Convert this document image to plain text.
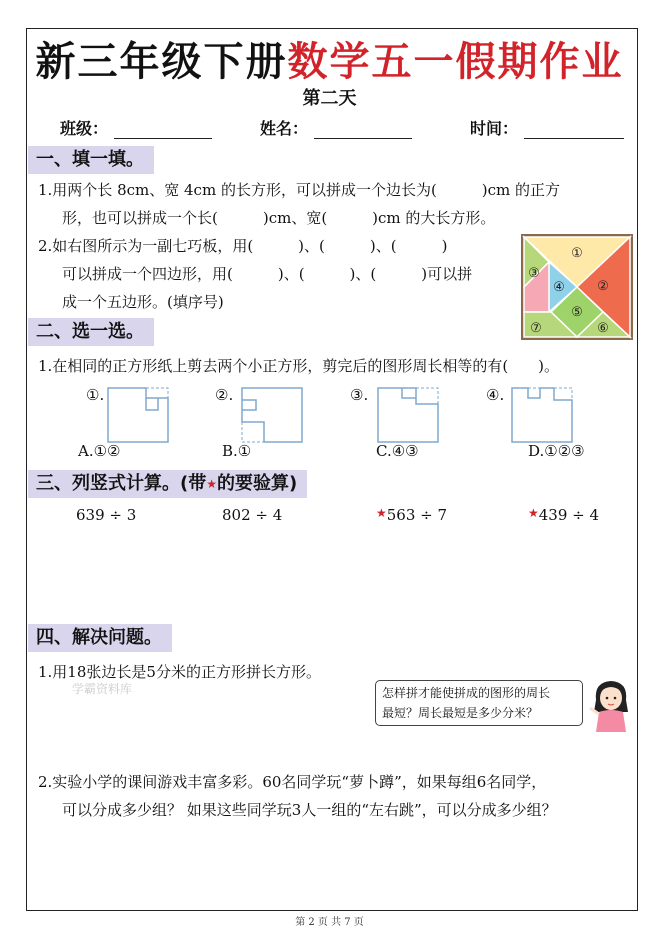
新三年级下册数学五一假期作业
第二天
班级：	姓名：	时间：
一、填一填。
1.用两个长 8cm、宽 4cm 的长方形，可以拼成一个边长为(　　　)cm 的正方
形，也可以拼成一个长(　　　)cm、宽(　　　)cm 的大长方形。
2.如右图所示为一副七巧板，用(　　　)、(　　　)、(　　　)
可以拼成一个四边形，用(　　　)、(　　　)、(　　　)可以拼
成一个五边形。(填序号)
①
②
③
④
⑤
⑥
⑦
二、选一选。
1.在相同的正方形纸上剪去两个小正方形，剪完后的图形周长相等的有(　　)。
①.	②.	③.	④.
A.①②	B.①	C.④③	D.①②③
三、列竖式计算。(带★的要验算)
639 ÷ 3	802 ÷ 4	★563 ÷ 7	★439 ÷ 4
四、解决问题。
1.用18张边长是5分米的正方形拼长方形。
学霸资料库	怎样拼才能使拼成的图形的周长
最短？周长最短是多少分米？
2.实验小学的课间游戏丰富多彩。60名同学玩“萝卜蹲”，如果每组6名同学，
可以分成多少组？ 如果这些同学玩3人一组的“左右跳”，可以分成多少组？
第 2 页 共 7 页
